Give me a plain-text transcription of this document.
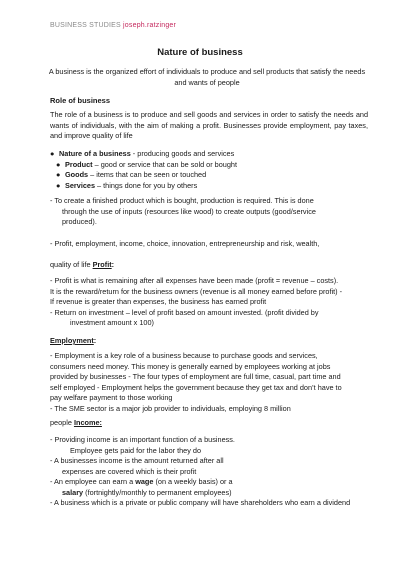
BUSINESS STUDIES joseph.ratzinger
Nature of business
A business is the organized effort of individuals to produce and sell products that satisfy the needs and wants of people
Role of business
The role of a business is to produce and sell goods and services in order to satisfy the needs and wants of individuals, with the aim of making a profit. Businesses provide employment, pay taxes, and improve quality of life
● Nature of a business - producing goods and services
● Product – good or service that can be sold or bought
● Goods – items that can be seen or touched
● Services – things done for you by others
- To create a finished product which is bought, production is required. This is done
through the use of inputs (resources like wood) to create outputs (good/service
produced).
- Profit, employment, income, choice, innovation, entrepreneurship and risk, wealth,
quality of life Profit:
- Profit is what is remaining after all expenses have been made (profit = revenue – costs).
It is the reward/return for the business owners (revenue is all money earned before profit) -
If revenue is greater than expenses, the business has earned profit
- Return on investment – level of profit based on amount invested. (profit divided by
investment amount x 100)
Employment:
- Employment is a key role of a business because to purchase goods and services,
consumers need money. This money is generally earned by employees working at jobs
provided by businesses - The four types of employment are full time, casual, part time and
self employed - Employment helps the government because they get tax and don’t have to
pay welfare payment to those working
- The SME sector is a major job provider to individuals, employing 8 million
people Income:
- Providing income is an important function of a business.
Employee gets paid for the labor they do
- A businesses income is the amount returned after all
expenses are covered which is their profit
- An employee can earn a wage (on a weekly basis) or a
salary (fortnightly/monthly to permanent employees)
- A business which is a private or public company will have shareholders who earn a dividend
